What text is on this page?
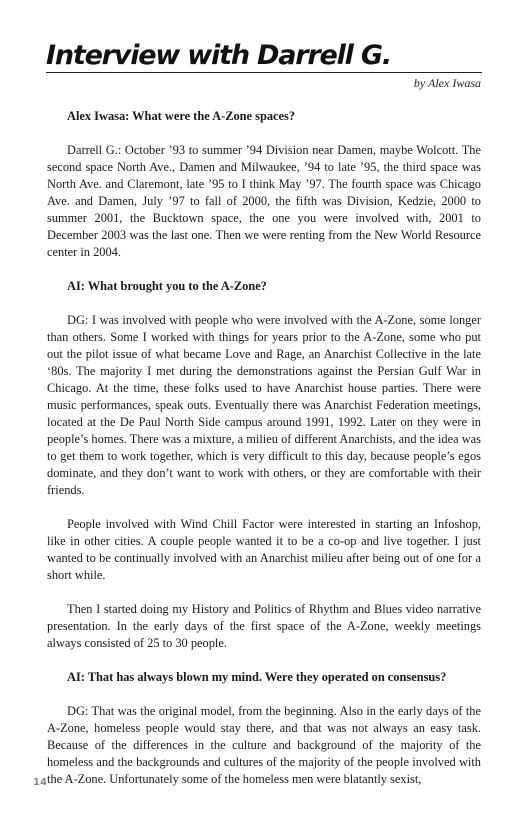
Interview with Darrell G.

by Alex Iwasa

Alex Iwasa: What were the A-Zone spaces?

Darrell G.: October ’93 to summer ’94 Division near Damen, maybe Wolcott. The second space North Ave., Damen and Milwaukee, ’94 to late ’95, the third space was North Ave. and Claremont, late ’95 to I think May ’97. The fourth space was Chicago Ave. and Damen, July ’97 to fall of 2000, the fifth was Division, Kedzie, 2000 to summer 2001, the Bucktown space, the one you were involved with, 2001 to December 2003 was the last one. Then we were renting from the New World Resource center in 2004.

AI: What brought you to the A-Zone?

DG: I was involved with people who were involved with the A-Zone, some longer than others. Some I worked with things for years prior to the A-Zone, some who put out the pilot issue of what became Love and Rage, an Anarchist Collective in the late ‘80s. The majority I met during the demonstrations against the Persian Gulf War in Chicago. At the time, these folks used to have Anarchist house parties. There were music performances, speak outs. Eventually there was Anarchist Federation meetings, located at the De Paul North Side campus around 1991, 1992. Later on they were in people’s homes. There was a mixture, a milieu of different Anarchists, and the idea was to get them to work together, which is very difficult to this day, because people’s egos dominate, and they don’t want to work with others, or they are comfortable with their friends.

People involved with Wind Chill Factor were interested in starting an Infoshop, like in other cities. A couple people wanted it to be a co-op and live together. I just wanted to be continually involved with an Anarchist milieu after being out of one for a short while.

Then I started doing my History and Politics of Rhythm and Blues video narrative presentation. In the early days of the first space of the A-Zone, weekly meetings always consisted of 25 to 30 people.

AI: That has always blown my mind. Were they operated on consensus?

DG: That was the original model, from the beginning. Also in the early days of the A-Zone, homeless people would stay there, and that was not always an easy task. Because of the differences in the culture and background of the majority of the homeless and the backgrounds and cultures of the majority of the people involved with the A-Zone. Unfortunately some of the homeless men were blatantly sexist,

14
